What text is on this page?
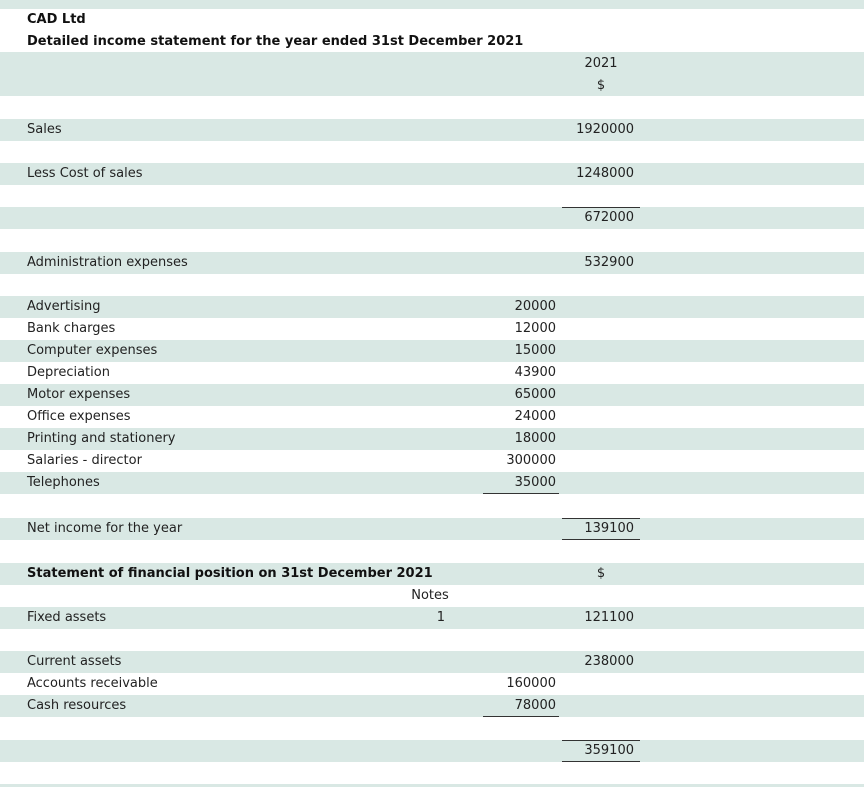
CAD Ltd
Detailed income statement for the year ended 31st December 2021
2021
$
Sales	1920000
Less Cost of sales	1248000
672000
Administration expenses	532900
Advertising	20000
Bank charges	12000
Computer expenses	15000
Depreciation	43900
Motor expenses	65000
Office expenses	24000
Printing and stationery	18000
Salaries - director	300000
Telephones	35000
Net income for the year	139100
Statement of financial position on 31st December 2021	$
Notes
Fixed assets	1	121100
Current assets	238000
Accounts receivable	160000
Cash resources	78000
359100
